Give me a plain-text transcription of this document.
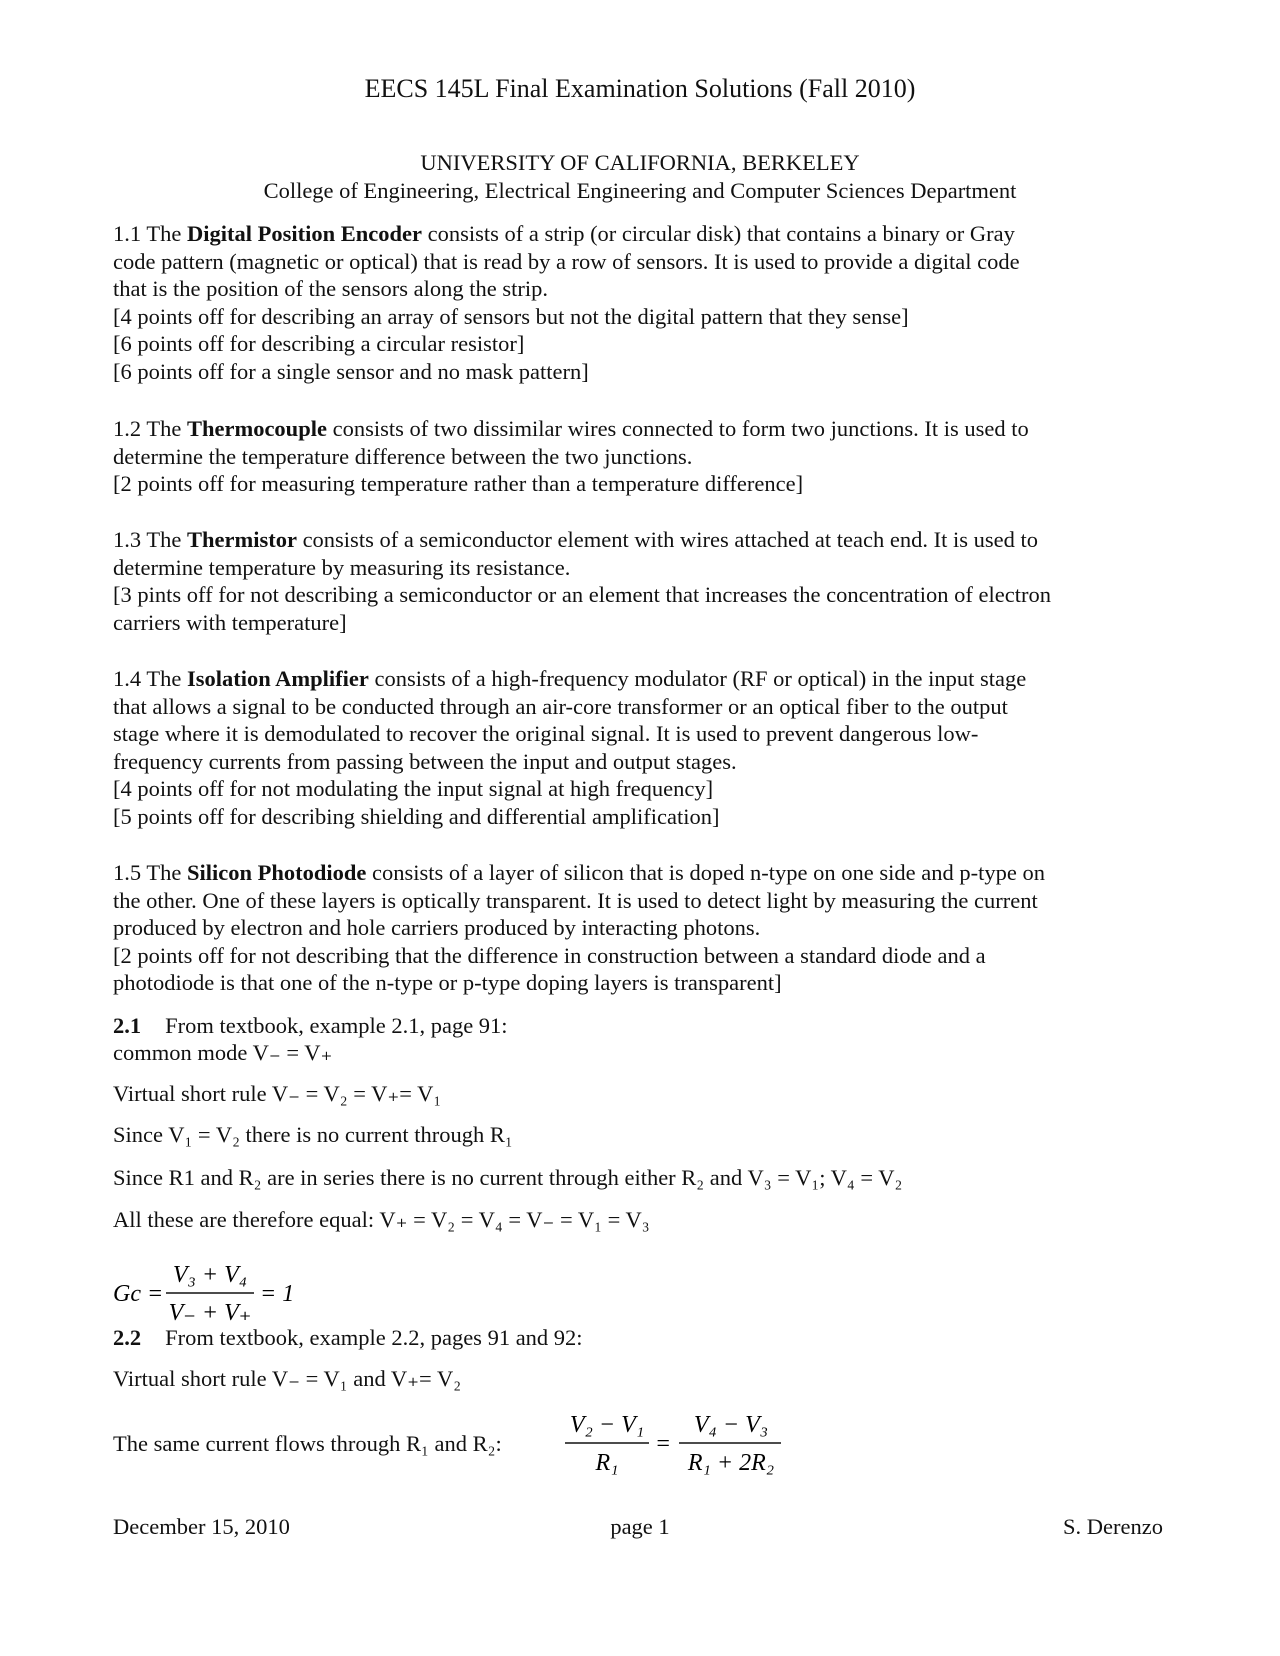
EECS 145L Final Examination Solutions (Fall 2010)
UNIVERSITY OF CALIFORNIA, BERKELEY
College of Engineering, Electrical Engineering and Computer Sciences Department
1.1 The Digital Position Encoder consists of a strip (or circular disk) that contains a binary or Gray
code pattern (magnetic or optical) that is read by a row of sensors. It is used to provide a digital code
that is the position of the sensors along the strip.
[4 points off for describing an array of sensors but not the digital pattern that they sense]
[6 points off for describing a circular resistor]
[6 points off for a single sensor and no mask pattern]
1.2 The Thermocouple consists of two dissimilar wires connected to form two junctions. It is used to
determine the temperature difference between the two junctions.
[2 points off for measuring temperature rather than a temperature difference]
1.3 The Thermistor consists of a semiconductor element with wires attached at teach end. It is used to
determine temperature by measuring its resistance.
[3 pints off for not describing a semiconductor or an element that increases the concentration of electron
carriers with temperature]
1.4 The Isolation Amplifier consists of a high-frequency modulator (RF or optical) in the input stage
that allows a signal to be conducted through an air-core transformer or an optical fiber to the output
stage where it is demodulated to recover the original signal. It is used to prevent dangerous low-
frequency currents from passing between the input and output stages.
[4 points off for not modulating the input signal at high frequency]
[5 points off for describing shielding and differential amplification]
1.5 The Silicon Photodiode consists of a layer of silicon that is doped n-type on one side and p-type on
the other. One of these layers is optically transparent. It is used to detect light by measuring the current
produced by electron and hole carriers produced by interacting photons.
[2 points off for not describing that the difference in construction between a standard diode and a
photodiode is that one of the n-type or p-type doping layers is transparent]
2.1 From textbook, example 2.1, page 91:
common mode V₋ = V₊
Virtual short rule V₋ = V₂ = V₊= V₁
Since V₁ = V₂ there is no current through R₁
Since R1 and R₂ are in series there is no current through either R₂ and V₃ = V₁; V₄ = V₂
All these are therefore equal: V₊ = V₂ = V₄ = V₋ = V₁ = V₃
Gc =
V₃ + V₄
V₋ + V₊
= 1
2.2 From textbook, example 2.2, pages 91 and 92:
Virtual short rule V₋ = V₁ and V₊= V₂
The same current flows through R₁ and R₂:
V₂ − V₁
R₁
=
V₄ − V₃
R₁ + 2R₂
December 15, 2010	page 1	S. Derenzo
